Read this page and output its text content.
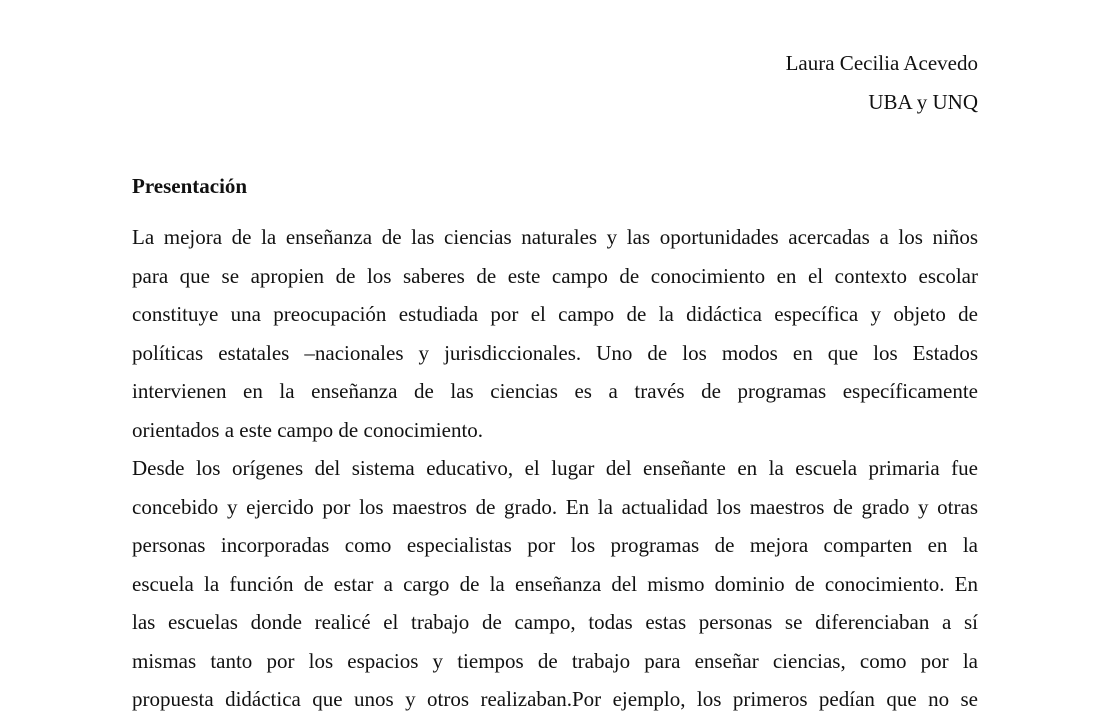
Laura Cecilia Acevedo
UBA y UNQ
Presentación
La mejora de la enseñanza de las ciencias naturales y las oportunidades acercadas a los niños
para que se apropien de los saberes de este campo de conocimiento en el contexto escolar
constituye una preocupación estudiada por el campo de la didáctica específica y objeto de
políticas estatales –nacionales y jurisdiccionales. Uno de los modos en que los Estados
intervienen en la enseñanza de las ciencias es a través de programas específicamente
orientados a este campo de conocimiento.
Desde los orígenes del sistema educativo, el lugar del enseñante en la escuela primaria fue
concebido y ejercido por los maestros de grado. En la actualidad los maestros de grado y otras
personas incorporadas como especialistas por los programas de mejora comparten en la
escuela la función de estar a cargo de la enseñanza del mismo dominio de conocimiento. En
las escuelas donde realicé el trabajo de campo, todas estas personas se diferenciaban a sí
mismas tanto por los espacios y tiempos de trabajo para enseñar ciencias, como por la
propuesta didáctica que unos y otros realizaban.Por ejemplo, los primeros pedían que no se
